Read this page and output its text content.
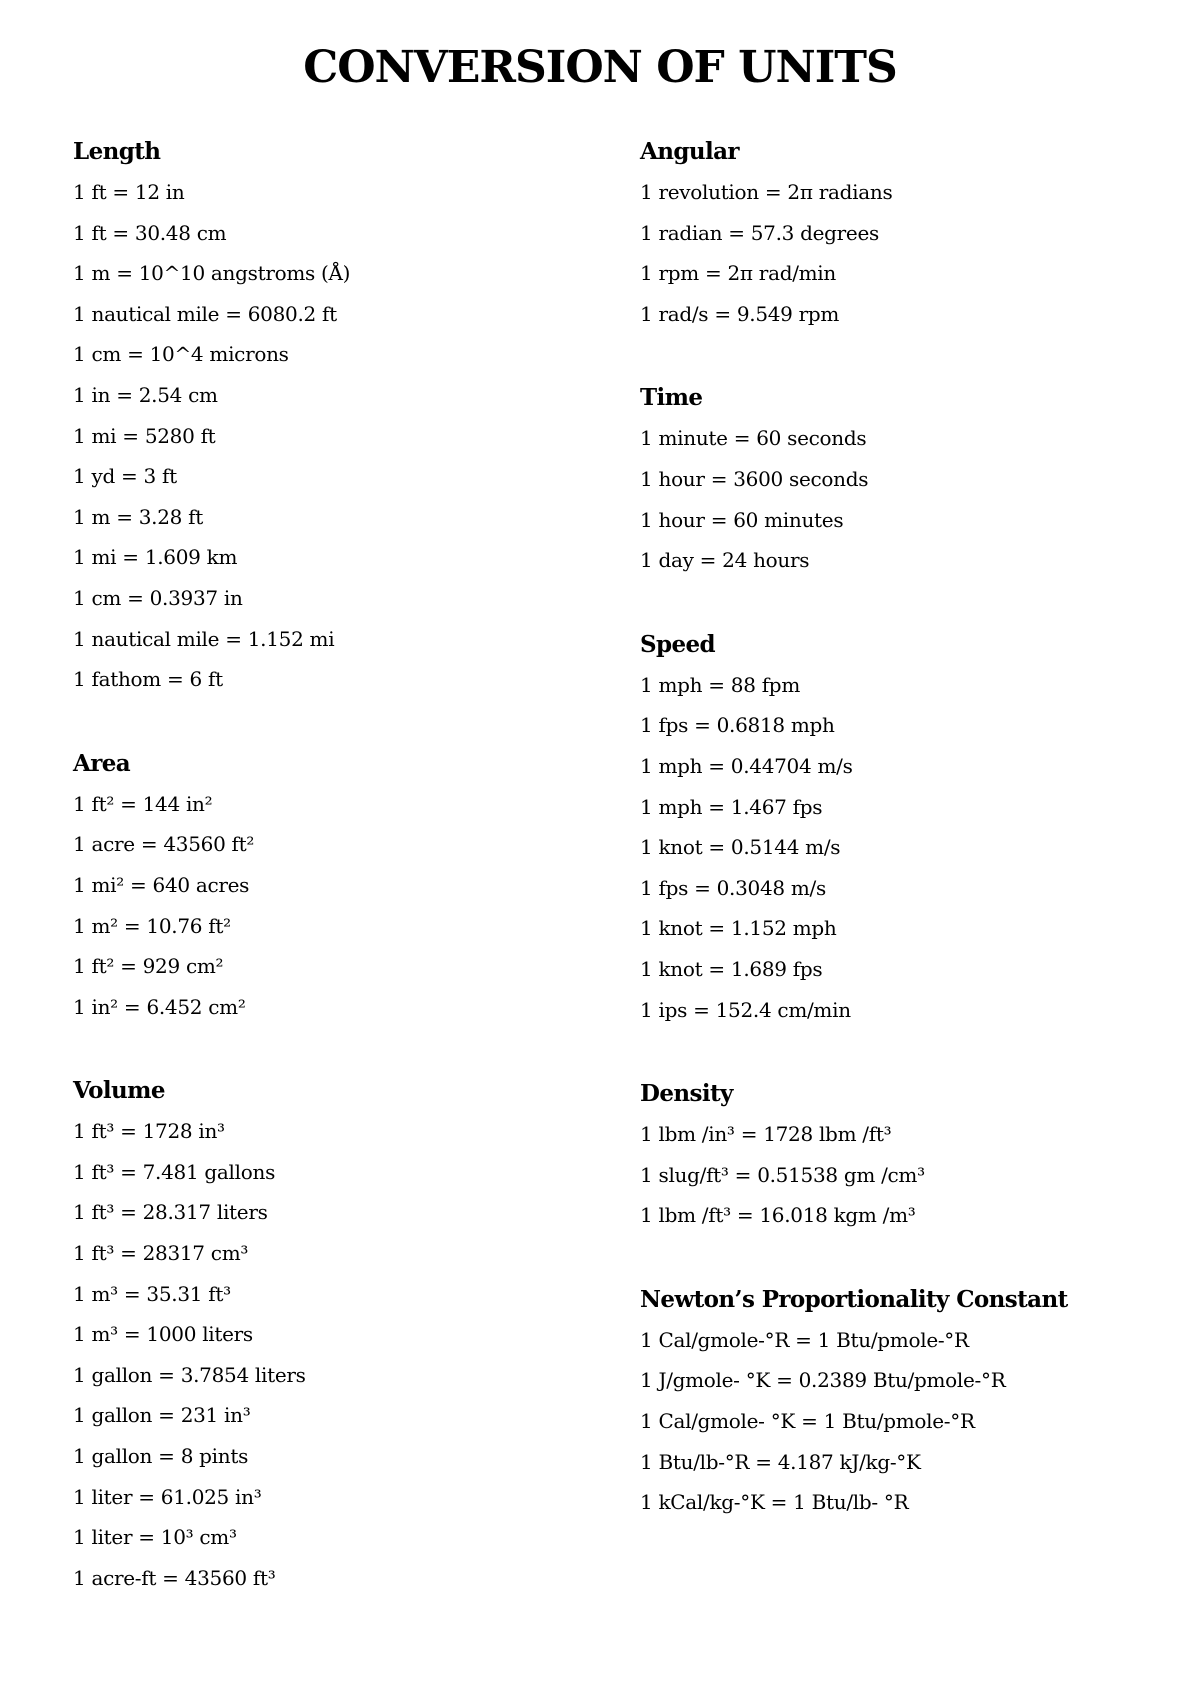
CONVERSION OF UNITS
Length
1 ft = 12 in
1 ft = 30.48 cm
1 m = 10^10 angstroms (Å)
1 nautical mile = 6080.2 ft
1 cm = 10^4 microns
1 in = 2.54 cm
1 mi = 5280 ft
1 yd = 3 ft
1 m = 3.28 ft
1 mi = 1.609 km
1 cm = 0.3937 in
1 nautical mile = 1.152 mi
1 fathom = 6 ft
Area
1 ft² = 144 in²
1 acre = 43560 ft²
1 mi² = 640 acres
1 m² = 10.76 ft²
1 ft² = 929 cm²
1 in² = 6.452 cm²
Volume
1 ft³ = 1728 in³
1 ft³ = 7.481 gallons
1 ft³ = 28.317 liters
1 ft³ = 28317 cm³
1 m³ = 35.31 ft³
1 m³ = 1000 liters
1 gallon = 3.7854 liters
1 gallon = 231 in³
1 gallon = 8 pints
1 liter = 61.025 in³
1 liter = 10³ cm³
1 acre-ft = 43560 ft³
Angular
1 revolution = 2π radians
1 radian = 57.3 degrees
1 rpm = 2π rad/min
1 rad/s = 9.549 rpm
Time
1 minute = 60 seconds
1 hour = 3600 seconds
1 hour = 60 minutes
1 day = 24 hours
Speed
1 mph = 88 fpm
1 fps = 0.6818 mph
1 mph = 0.44704 m/s
1 mph = 1.467 fps
1 knot = 0.5144 m/s
1 fps = 0.3048 m/s
1 knot = 1.152 mph
1 knot = 1.689 fps
1 ips = 152.4 cm/min
Density
1 lbm /in³ = 1728 lbm /ft³
1 slug/ft³ = 0.51538 gm /cm³
1 lbm /ft³ = 16.018 kgm /m³
Newton’s Proportionality Constant
1 Cal/gmole-°R = 1 Btu/pmole-°R
1 J/gmole- °K = 0.2389 Btu/pmole-°R
1 Cal/gmole- °K = 1 Btu/pmole-°R
1 Btu/lb-°R = 4.187 kJ/kg-°K
1 kCal/kg-°K = 1 Btu/lb- °R
